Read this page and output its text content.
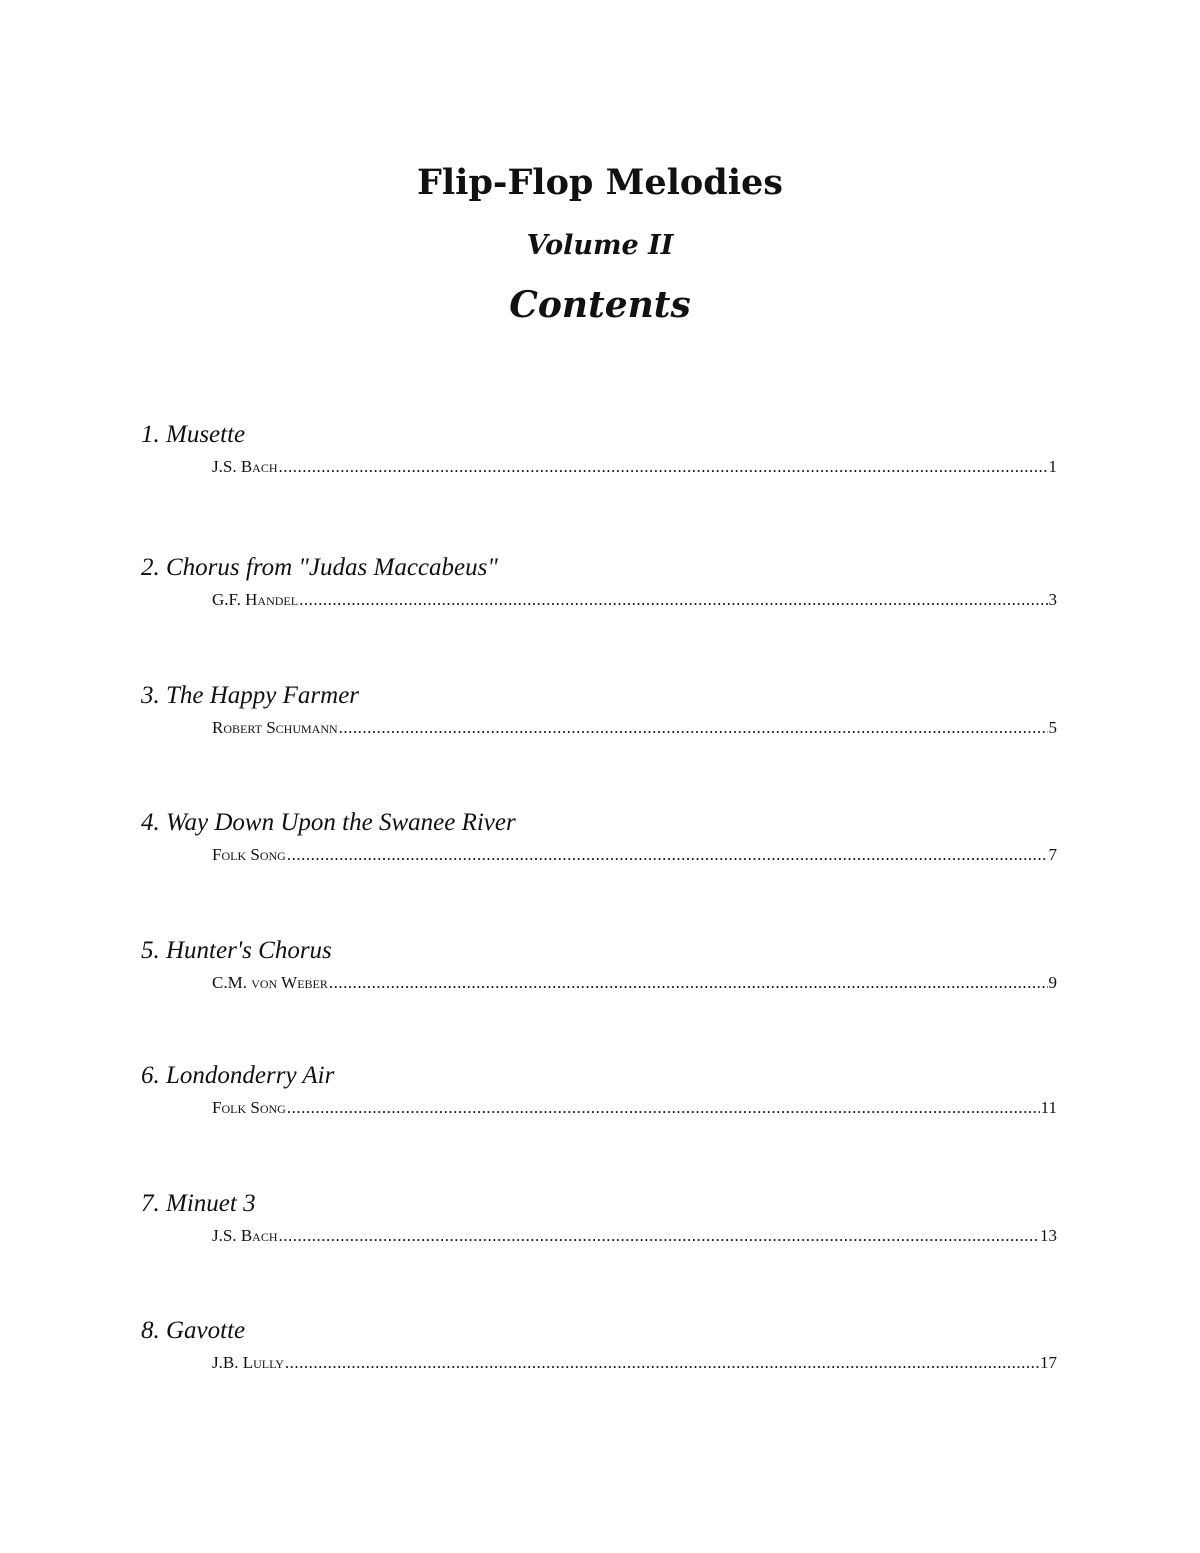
Flip-Flop Melodies
Volume II
Contents
1. Musette
J.S. Bach .....	1
2. Chorus from "Judas Maccabeus"
G.F. Handel .....	3
3. The Happy Farmer
Robert Schumann .....	5
4. Way Down Upon the Swanee River
Folk Song .....	7
5. Hunter's Chorus
C.M. von Weber .....	9
6. Londonderry Air
Folk Song .....	11
7. Minuet 3
J.S. Bach .....	13
8. Gavotte
J.B. Lully .....	17
